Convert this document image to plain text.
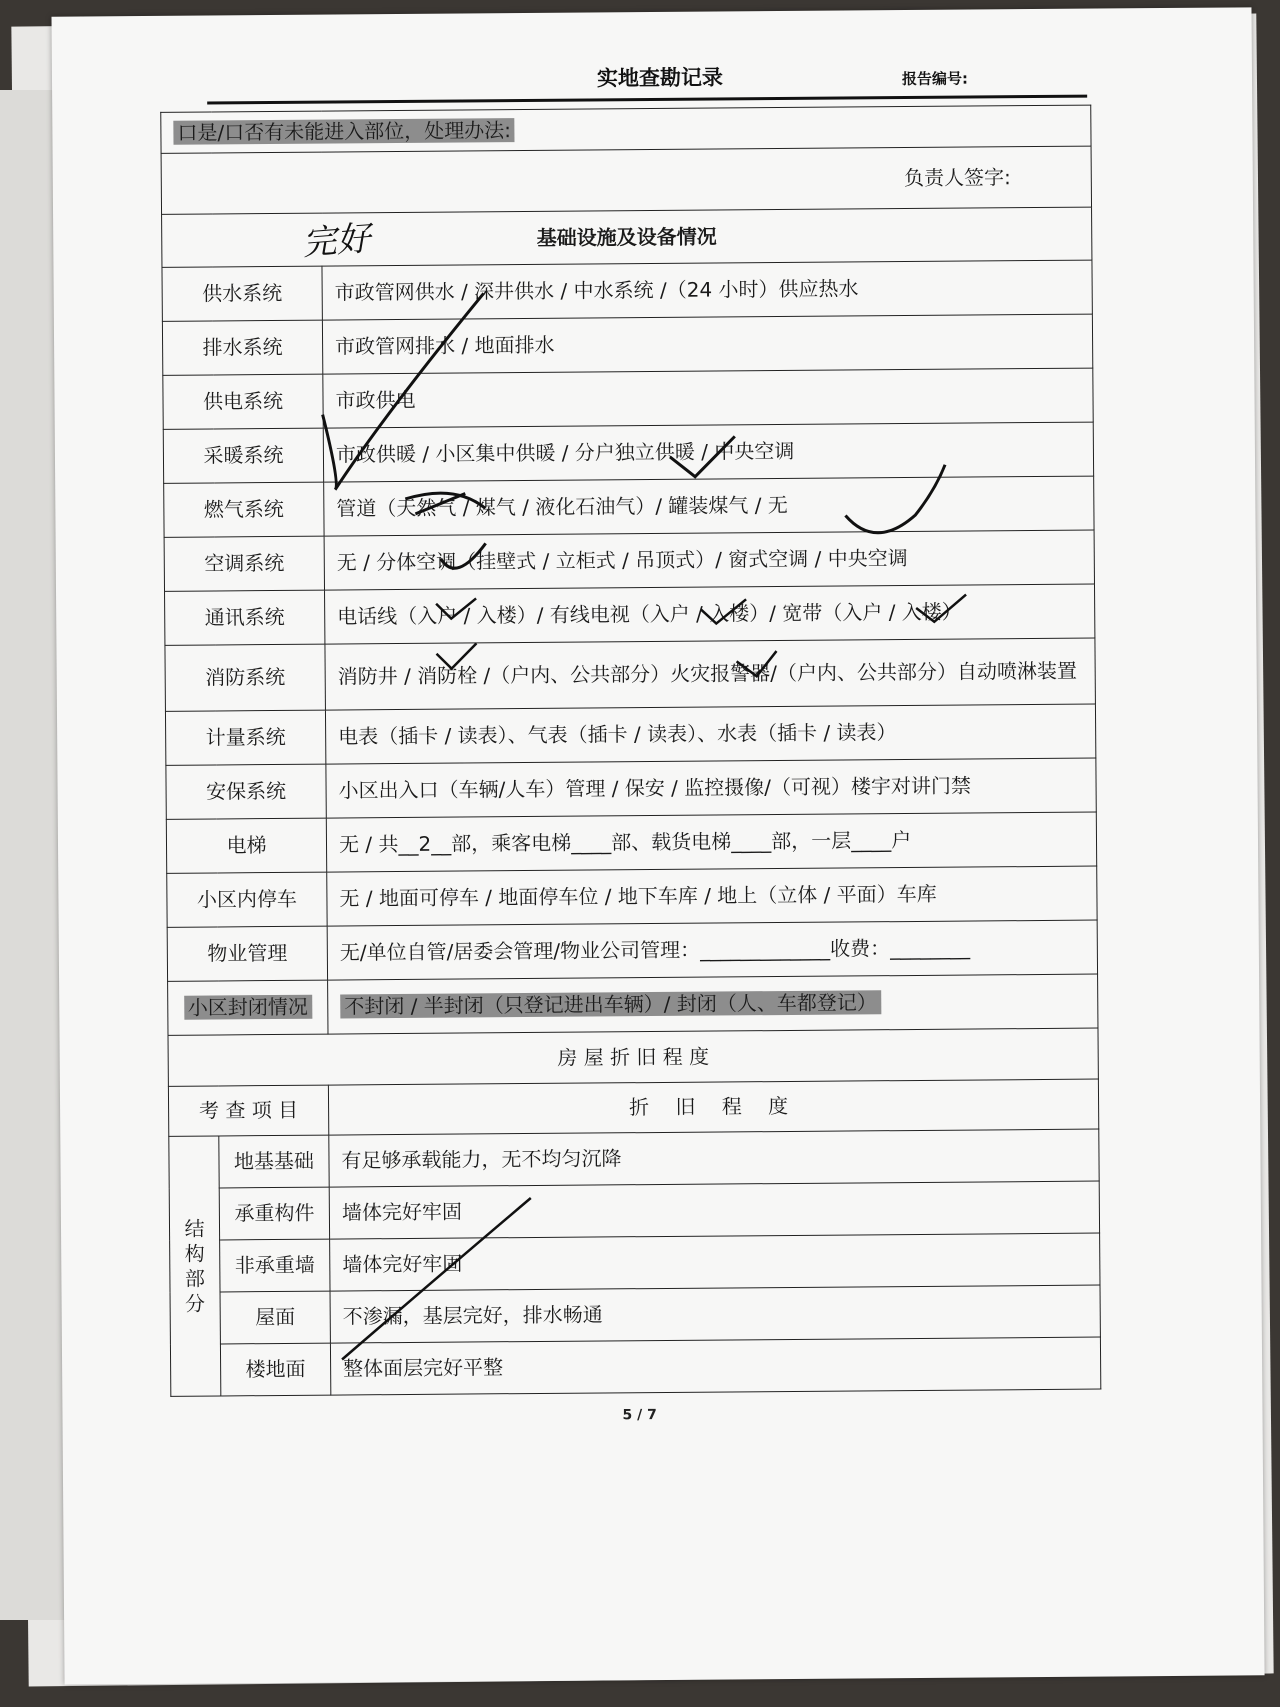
实地查勘记录	报告编号:
口是/口否有未能进入部位，处理办法:		
负责人签字:		
基础设施及设备情况		
供水系统		市政管网供水 / 深井供水 / 中水系统 /（24 小时）供应热水
排水系统		市政管网排水 / 地面排水
供电系统		市政供电
采暖系统		市政供暖 / 小区集中供暖 / 分户独立供暖 / 中央空调
燃气系统		管道（天然气 / 煤气 / 液化石油气）/ 罐装煤气 / 无
空调系统		无 / 分体空调（挂壁式 / 立柜式 / 吊顶式）/ 窗式空调 / 中央空调
通讯系统		电话线（入户 / 入楼）/ 有线电视（入户 / 入楼）/ 宽带（入户 / 入楼）
消防系统		消防井 / 消防栓 /（户内、公共部分）火灾报警器/（户内、公共部分）自动喷淋装置
计量系统		电表（插卡 / 读表）、气表（插卡 / 读表）、水表（插卡 / 读表）
安保系统		小区出入口（车辆/人车）管理 / 保安 / 监控摄像/（可视）楼宇对讲门禁
电梯		无 / 共__2__部，乘客电梯____部、载货电梯____部，一层____户
小区内停车		无 / 地面可停车 / 地面停车位 / 地下车库 / 地上（立体 / 平面）车库
物业管理		无/单位自管/居委会管理/物业公司管理：_____________收费：________
小区封闭情况		不封闭 / 半封闭（只登记进出车辆）/ 封闭（人、车都登记）
房 屋 折 旧 程 度		
考 查 项 目		折 旧 程 度

结构部分	地基基础	有足够承载能力，无不均匀沉降
	承重构件	墙体完好牢固
	非承重墙	墙体完好牢固
	屋面	不渗漏，基层完好，排水畅通
	楼地面	整体面层完好平整
5 / 7
完好
